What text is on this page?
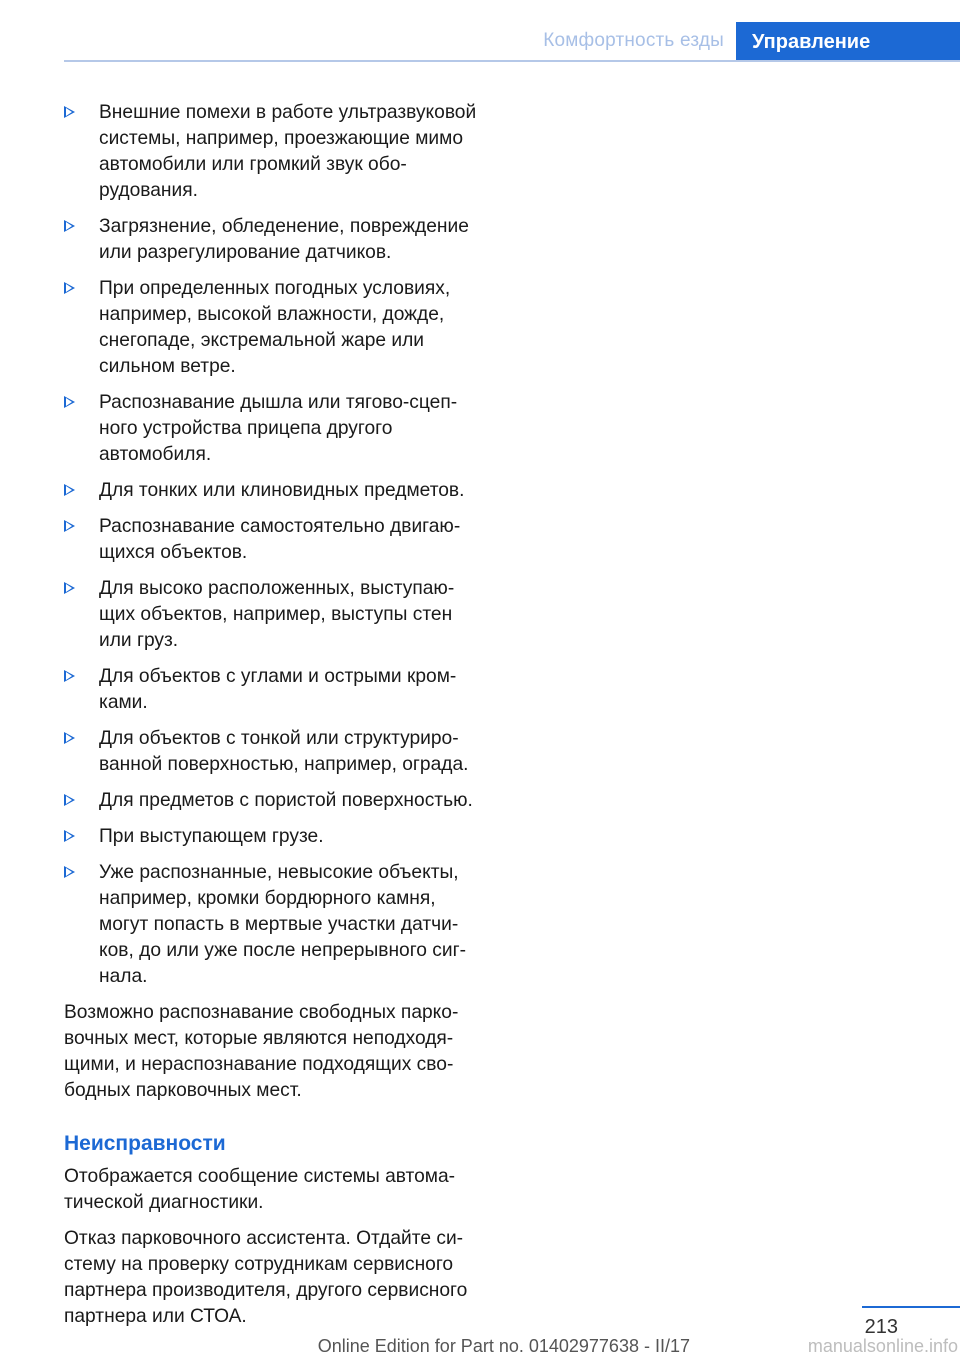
Комфортность езды	Управление
Внешние помехи в работе ультразвуковой системы, например, проезжающие мимо автомобили или громкий звук оборудования.
Загрязнение, обледенение, повреждение или разрегулирование датчиков.
При определенных погодных условиях, например, высокой влажности, дожде, снегопаде, экстремальной жаре или сильном ветре.
Распознавание дышла или тягово-сцепного устройства прицепа другого автомобиля.
Для тонких или клиновидных предметов.
Распознавание самостоятельно двигающихся объектов.
Для высоко расположенных, выступающих объектов, например, выступы стен или груз.
Для объектов с углами и острыми кромками.
Для объектов с тонкой или структурированной поверхностью, например, ограда.
Для предметов с пористой поверхностью.
При выступающем грузе.
Уже распознанные, невысокие объекты, например, кромки бордюрного камня, могут попасть в мертвые участки датчиков, до или уже после непрерывного сигнала.

Возможно распознавание свободных парковочных мест, которые являются неподходящими, и нераспознавание подходящих свободных парковочных мест.

Неисправности

Отображается сообщение системы автоматической диагностики.

Отказ парковочного ассистента. Отдайте систему на проверку сотрудникам сервисного партнера производителя, другого сервисного партнера или СТОА.	213
Online Edition for Part no. 01402977638 - II/17	manualsonline.info
